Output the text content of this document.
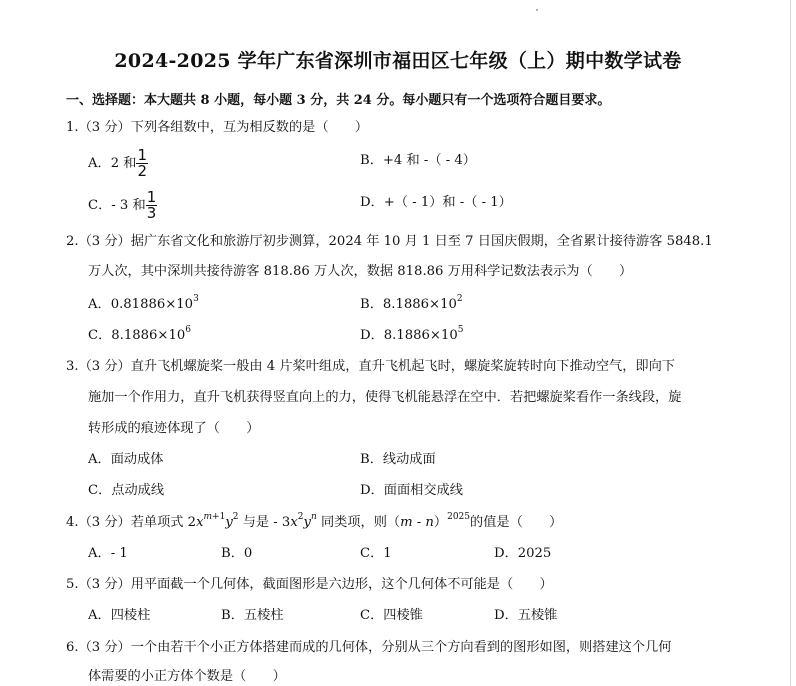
2024-2025 学年广东省深圳市福田区七年级（上）期中数学试卷
一、选择题：本大题共 8 小题，每小题 3 分，共 24 分。每小题只有一个选项符合题目要求。
1.（3 分）下列各组数中，互为相反数的是（　　）
A．2 和 $\frac{1}{2}$	B．+4 和 -（ - 4）
C．- 3 和 $\frac{1}{3}$	D．+（ - 1）和 -（ - 1）
2.（3 分）据广东省文化和旅游厅初步测算，2024 年 10 月 1 日至 7 日国庆假期，全省累计接待游客 5848.1
万人次，其中深圳共接待游客 818.86 万人次，数据 818.86 万用科学记数法表示为（　　）
A．$0.81886\times 10^3$	B．$8.1886\times 10^2$
C．$8.1886\times 10^6$	D．$8.1886\times 10^5$
3.（3 分）直升飞机螺旋桨一般由 4 片桨叶组成，直升飞机起飞时，螺旋桨旋转时向下推动空气，即向下
施加一个作用力，直升飞机获得竖直向上的力，使得飞机能悬浮在空中．若把螺旋桨看作一条线段，旋
转形成的痕迹体现了（　　）
A．面动成体	B．线动成面
C．点动成线	D．面面相交成线
4.（3 分）若单项式 $2x^{m+1}y^2$ 与是 - $3x^2y^n$ 同类项，则（m - n）$^{2025}$的值是（　　）
A．- 1	B．0	C．1	D．2025
5.（3 分）用平面截一个几何体，截面图形是六边形，这个几何体不可能是（　　）
A．四棱柱	B．五棱柱	C．四棱锥	D．五棱锥
6.（3 分）一个由若干个小正方体搭建而成的几何体，分别从三个方向看到的图形如图，则搭建这个几何
体需要的小正方体个数是（　　）
